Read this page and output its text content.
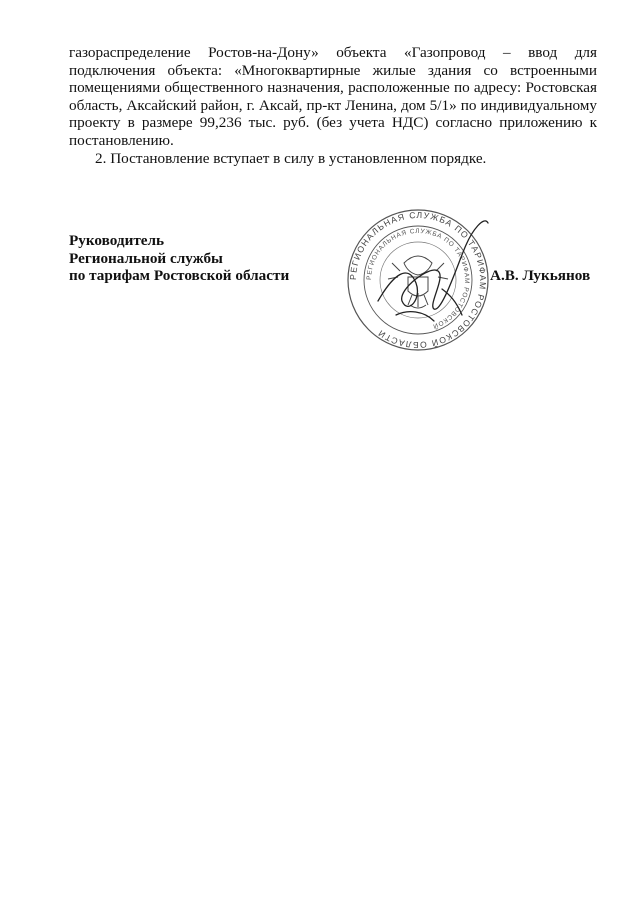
газораспределение Ростов-на-Дону» объекта «Газопровод – ввод для подключения объекта: «Многоквартирные жилые здания со встроенными помещениями общественного назначения, расположенные по адресу: Ростовская область, Аксайский район, г. Аксай, пр-кт Ленина, дом 5/1» по индивидуальному проекту в размере 99,236 тыс. руб. (без учета НДС) согласно приложению к постановлению.

2. Постановление вступает в силу в установленном порядке.

Руководитель
Региональной службы
по тарифам Ростовской области	РЕГИОНАЛЬНАЯ СЛУЖБА ПО ТАРИФАМ РОСТОВСКОЙ ОБЛАСТИ
РЕГИОНАЛЬНАЯ СЛУЖБА ПО ТАРИФАМ РОСТОВСКОЙ
А.В. Лукьянов
